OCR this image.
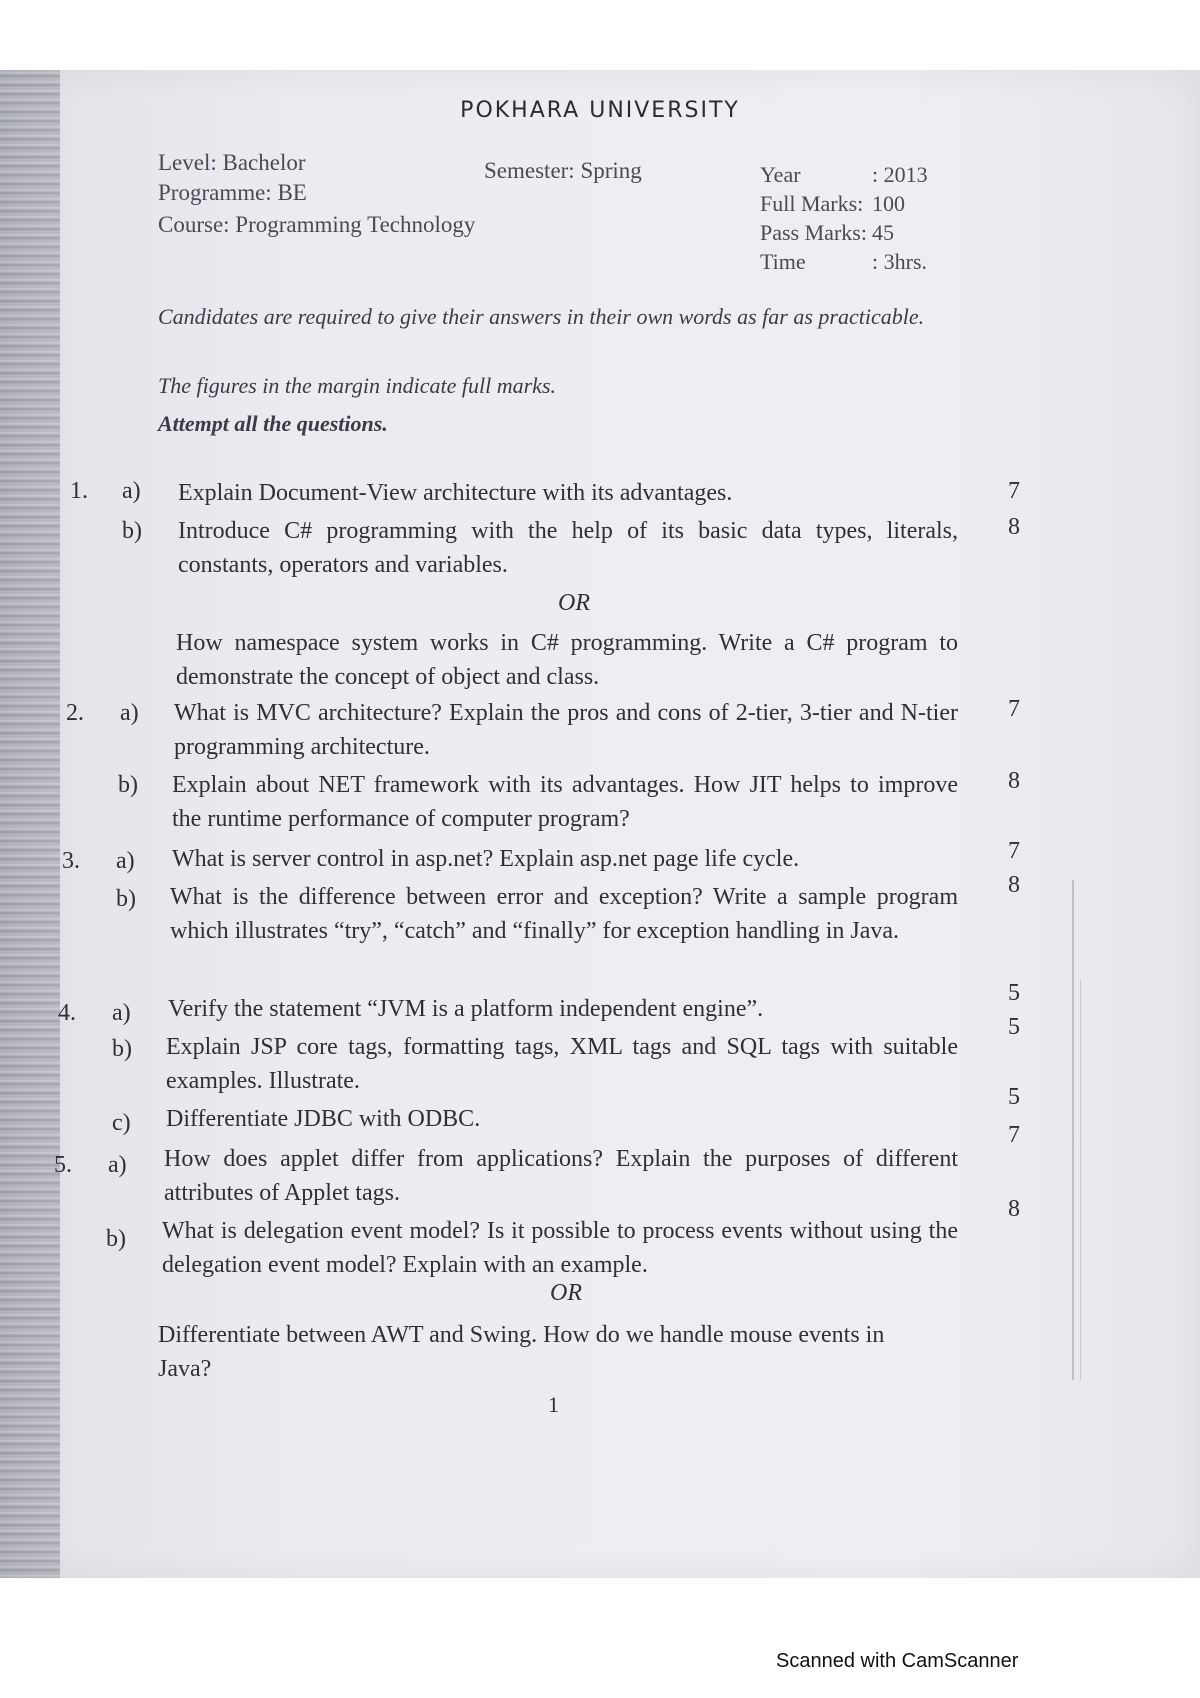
POKHARA UNIVERSITY
Level: Bachelor
Programme: BE
Course: Programming Technology
Semester: Spring	Year	: 2013
Full Marks: 100
Pass Marks: 45
Time	: 3hrs.
Candidates are required to give their answers in their own words as far as practicable.
The figures in the margin indicate full marks.
Attempt all the questions.
1. a) Explain Document-View architecture with its advantages.	7
b) Introduce C# programming with the help of its basic data types, literals, constants, operators and variables.
8
OR
How namespace system works in C# programming. Write a C# program to demonstrate the concept of object and class.
2. a) What is MVC architecture? Explain the pros and cons of 2-tier, 3-tier and N-tier programming architecture.
7
b) Explain about NET framework with its advantages. How JIT helps to improve the runtime performance of computer program?
8
3. a) What is server control in asp.net? Explain asp.net page life cycle.	7
b) What is the difference between error and exception? Write a sample program which illustrates “try”, “catch” and “finally” for exception handling in Java.
8
4. a) Verify the statement “JVM is a platform independent engine”.
5
b) Explain JSP core tags, formatting tags, XML tags and SQL tags with suitable examples. Illustrate.
5
c) Differentiate JDBC with ODBC.
5
5. a) How does applet differ from applications? Explain the purposes of different attributes of Applet tags.
7
b) What is delegation event model? Is it possible to process events without using the delegation event model? Explain with an example.
8
OR
Differentiate between AWT and Swing. How do we handle mouse events in Java?
1
Scanned with CamScanner
